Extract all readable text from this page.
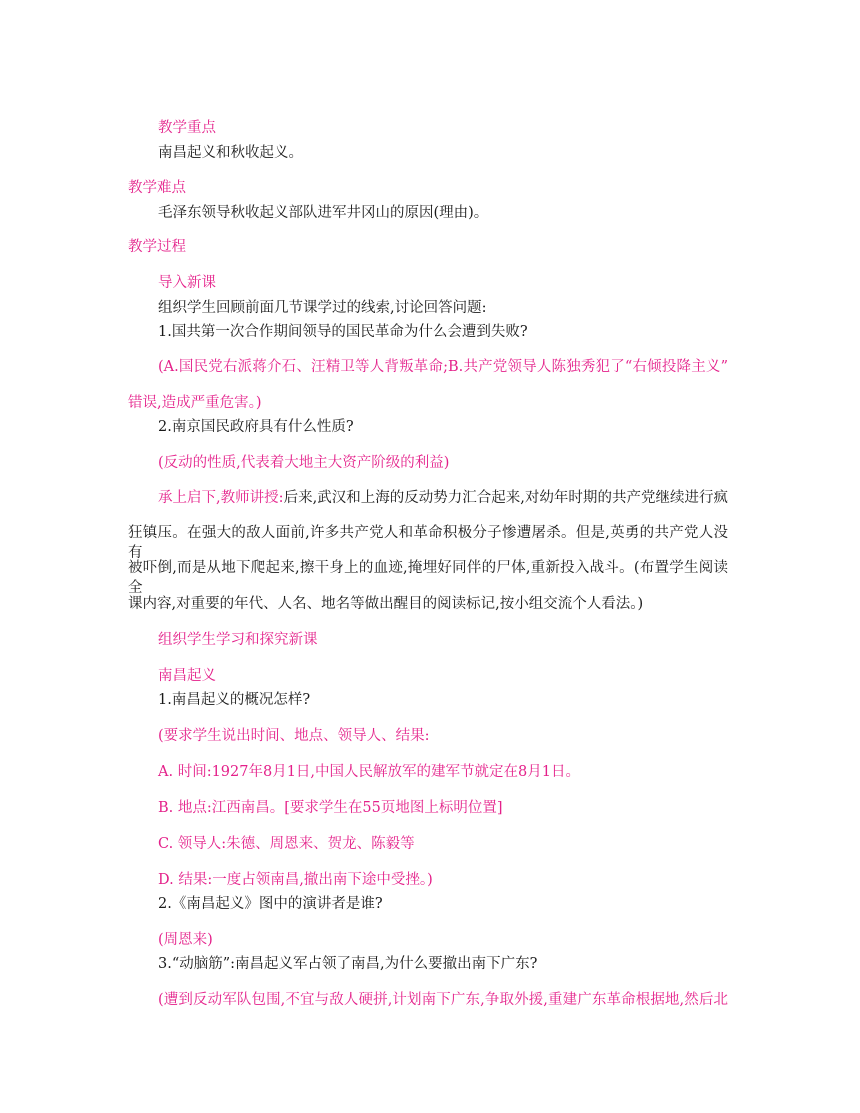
教学重点
南昌起义和秋收起义。
教学难点
毛泽东领导秋收起义部队进军井冈山的原因(理由)。
教学过程
导入新课
组织学生回顾前面几节课学过的线索,讨论回答问题:
1.国共第一次合作期间领导的国民革命为什么会遭到失败?
(A.国民党右派蒋介石、汪精卫等人背叛革命;B.共产党领导人陈独秀犯了“右倾投降主义”
错误,造成严重危害。)
2.南京国民政府具有什么性质?
(反动的性质,代表着大地主大资产阶级的利益)
承上启下,教师讲授:后来,武汉和上海的反动势力汇合起来,对幼年时期的共产党继续进行疯
狂镇压。在强大的敌人面前,许多共产党人和革命积极分子惨遭屠杀。但是,英勇的共产党人没有
被吓倒,而是从地下爬起来,擦干身上的血迹,掩埋好同伴的尸体,重新投入战斗。(布置学生阅读全
课内容,对重要的年代、人名、地名等做出醒目的阅读标记,按小组交流个人看法。)
组织学生学习和探究新课
南昌起义
1.南昌起义的概况怎样?
(要求学生说出时间、地点、领导人、结果:
A. 时间:1927年8月1日,中国人民解放军的建军节就定在8月1日。
B. 地点:江西南昌。[要求学生在55页地图上标明位置]
C. 领导人:朱德、周恩来、贺龙、陈毅等
D. 结果:一度占领南昌,撤出南下途中受挫。)
2.《南昌起义》图中的演讲者是谁?
(周恩来)
3.“动脑筋”:南昌起义军占领了南昌,为什么要撤出南下广东?
(遭到反动军队包围,不宜与敌人硬拼,计划南下广东,争取外援,重建广东革命根据地,然后北
